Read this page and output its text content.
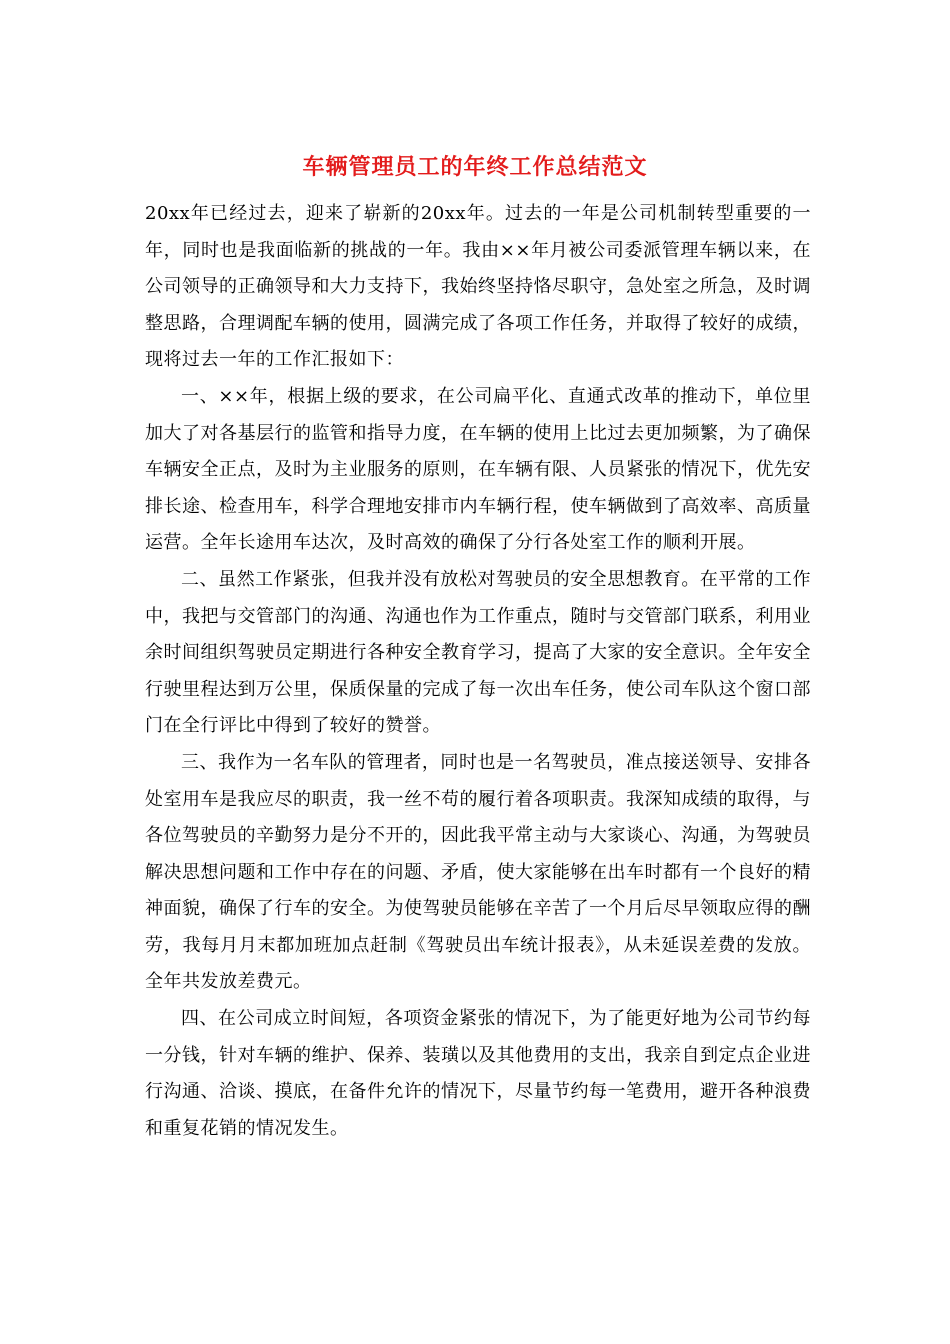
车辆管理员工的年终工作总结范文

20xx年已经过去，迎来了崭新的20xx年。过去的一年是公司机制转型重要的一年，同时也是我面临新的挑战的一年。我由××年月被公司委派管理车辆以来，在公司领导的正确领导和大力支持下，我始终坚持恪尽职守，急处室之所急，及时调整思路，合理调配车辆的使用，圆满完成了各项工作任务，并取得了较好的成绩，现将过去一年的工作汇报如下：

一、××年，根据上级的要求，在公司扁平化、直通式改革的推动下，单位里加大了对各基层行的监管和指导力度，在车辆的使用上比过去更加频繁，为了确保车辆安全正点，及时为主业服务的原则，在车辆有限、人员紧张的情况下，优先安排长途、检查用车，科学合理地安排市内车辆行程，使车辆做到了高效率、高质量运营。全年长途用车达次，及时高效的确保了分行各处室工作的顺利开展。

二、虽然工作紧张，但我并没有放松对驾驶员的安全思想教育。在平常的工作中，我把与交管部门的沟通、沟通也作为工作重点，随时与交管部门联系，利用业余时间组织驾驶员定期进行各种安全教育学习，提高了大家的安全意识。全年安全行驶里程达到万公里，保质保量的完成了每一次出车任务，使公司车队这个窗口部门在全行评比中得到了较好的赞誉。

三、我作为一名车队的管理者，同时也是一名驾驶员，准点接送领导、安排各处室用车是我应尽的职责，我一丝不苟的履行着各项职责。我深知成绩的取得，与各位驾驶员的辛勤努力是分不开的，因此我平常主动与大家谈心、沟通，为驾驶员解决思想问题和工作中存在的问题、矛盾，使大家能够在出车时都有一个良好的精神面貌，确保了行车的安全。为使驾驶员能够在辛苦了一个月后尽早领取应得的酬劳，我每月月末都加班加点赶制《驾驶员出车统计报表》，从未延误差费的发放。全年共发放差费元。

四、在公司成立时间短，各项资金紧张的情况下，为了能更好地为公司节约每一分钱，针对车辆的维护、保养、装璜以及其他费用的支出，我亲自到定点企业进行沟通、洽谈、摸底，在备件允许的情况下，尽量节约每一笔费用，避开各种浪费和重复花销的情况发生。
